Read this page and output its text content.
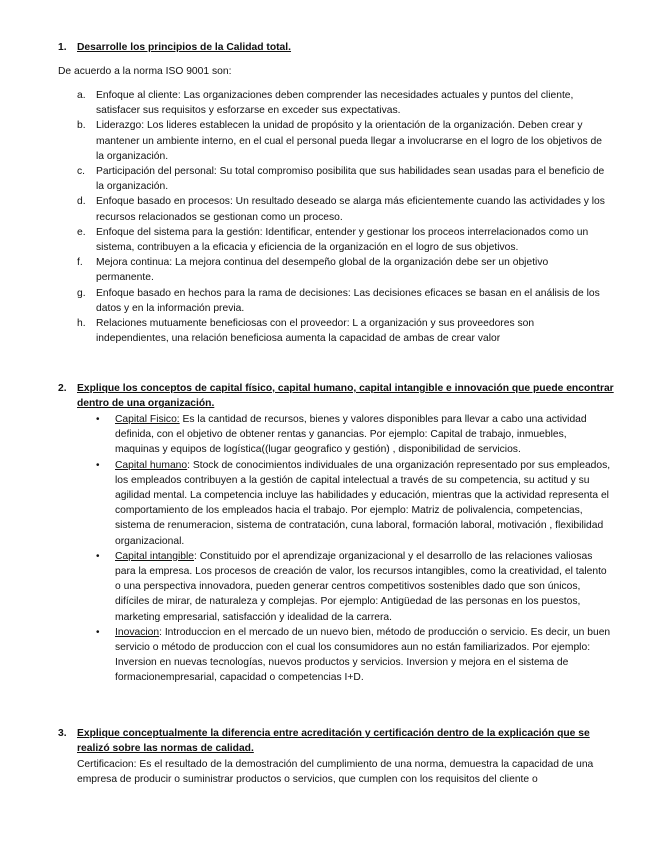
1. Desarrolle los principios de la Calidad total.
De acuerdo a la norma ISO 9001 son:
a. Enfoque al cliente: Las organizaciones deben comprender las necesidades actuales y puntos del cliente, satisfacer sus requisitos y esforzarse en exceder sus expectativas.
b. Liderazgo: Los lideres establecen la unidad de propósito y la orientación de la organización. Deben crear y mantener un ambiente interno, en el cual el personal pueda llegar a involucrarse en el logro de los objetivos de la organización.
c. Participación del personal: Su total compromiso posibilita que sus habilidades sean usadas para el beneficio de la organización.
d. Enfoque basado en procesos: Un resultado deseado se alarga más eficientemente cuando las actividades y los recursos relacionados se gestionan como un proceso.
e. Enfoque del sistema para la gestión: Identificar, entender y gestionar los proceos interrelacionados como un sistema, contribuyen a la eficacia y eficiencia de la organización en el logro de sus objetivos.
f. Mejora continua: La mejora continua del desempeño global de la organización debe ser un objetivo permanente.
g. Enfoque basado en hechos para la rama de decisiones: Las decisiones eficaces se basan en el análisis de los datos y en la información previa.
h. Relaciones mutuamente beneficiosas con el proveedor: L a organización y sus proveedores son independientes, una relación beneficiosa aumenta la capacidad de ambas de crear valor
2. Explique los conceptos de capital físico, capital humano, capital intangible e innovación que puede encontrar dentro de una organización.
• Capital Fisico: Es la cantidad de recursos, bienes y valores disponibles para llevar a cabo una actividad definida, con el objetivo de obtener rentas y ganancias. Por ejemplo: Capital de trabajo, inmuebles, maquinas y equipos de logística((lugar geografico y gestión) , disponibilidad de servicios.
• Capital humano: Stock de conocimientos individuales de una organización representado por sus empleados, los empleados contribuyen a la gestión de capital intelectual a través de su competencia, su actitud y su agilidad mental. La competencia incluye las habilidades y educación, mientras que la actividad representa el comportamiento de los empleados hacia el trabajo. Por ejemplo: Matriz de polivalencia, competencias, sistema de renumeracion, sistema de contratación, cuna laboral, formación laboral, motivación , flexibilidad organizacional.
• Capital intangible: Constituido por el aprendizaje organizacional y el desarrollo de las relaciones valiosas para la empresa. Los procesos de creación de valor, los recursos intangibles, como la creatividad, el talento o una perspectiva innovadora, pueden generar centros competitivos sostenibles dado que son únicos, difíciles de mirar, de naturaleza y complejas. Por ejemplo: Antigüedad de las personas en los puestos, marketing empresarial, satisfacción y idealidad de la carrera.
• Inovacion: Introduccion en el mercado de un nuevo bien, método de producción o servicio. Es decir, un buen servicio o método de produccion con el cual los consumidores aun no están familiarizados. Por ejemplo: Inversion en nuevas tecnologías, nuevos productos y servicios. Inversion y mejora en el sistema de formacionempresarial, capacidad o competencias I+D.
3. Explique conceptualmente la diferencia entre acreditación y certificación dentro de la explicación que se realizó sobre las normas de calidad.
Certificacion: Es el resultado de la demostración del cumplimiento de una norma, demuestra la capacidad de una empresa de producir o suministrar productos o servicios, que cumplen con los requisitos del cliente o
